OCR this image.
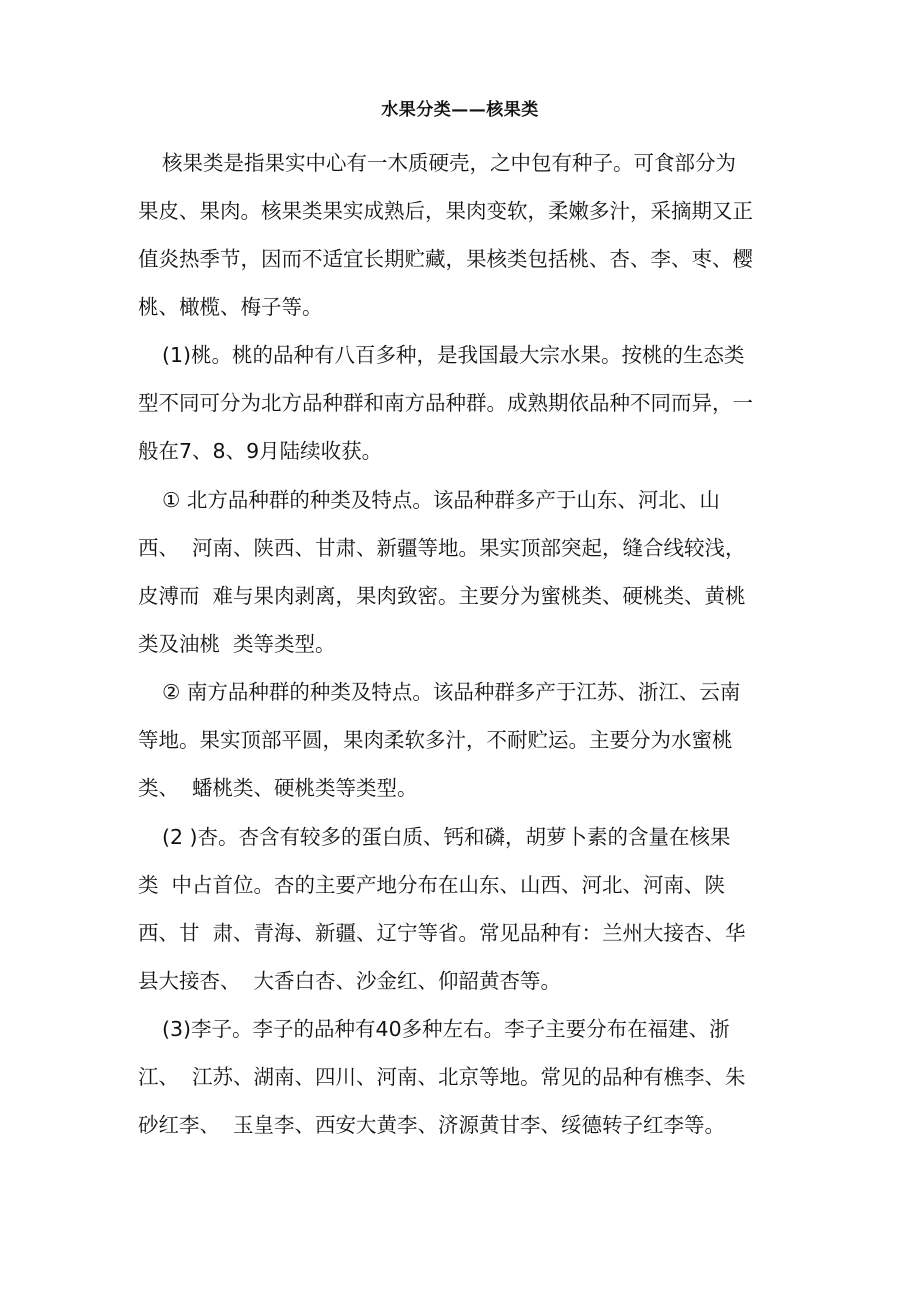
水果分类——核果类
核果类是指果实中心有一木质硬壳，之中包有种子。可食部分为
果皮、果肉。核果类果实成熟后，果肉变软，柔嫩多汁，采摘期又正
值炎热季节，因而不适宜长期贮藏，果核类包括桃、杏、李、枣、樱
桃、橄榄、梅子等。
(1)桃。桃的品种有八百多种，是我国最大宗水果。按桃的生态类
型不同可分为北方品种群和南方品种群。成熟期依品种不同而异，一
般在7、8、9月陆续收获。
① 北方品种群的种类及特点。该品种群多产于山东、河北、山
西、  河南、陕西、甘肃、新疆等地。果实顶部突起，缝合线较浅，
皮溥而  难与果肉剥离，果肉致密。主要分为蜜桃类、硬桃类、黄桃
类及油桃  类等类型。
② 南方品种群的种类及特点。该品种群多产于江苏、浙江、云南
等地。果实顶部平圆，果肉柔软多汁，不耐贮运。主要分为水蜜桃
类、  蟠桃类、硬桃类等类型。
(2 )杏。杏含有较多的蛋白质、钙和磷，胡萝卜素的含量在核果
类  中占首位。杏的主要产地分布在山东、山西、河北、河南、陕
西、甘  肃、青海、新疆、辽宁等省。常见品种有：兰州大接杏、华
县大接杏、  大香白杏、沙金红、仰韶黄杏等。
(3)李子。李子的品种有40多种左右。李子主要分布在福建、浙
江、  江苏、湖南、四川、河南、北京等地。常见的品种有樵李、朱
砂红李、  玉皇李、西安大黄李、济源黄甘李、绥德转子红李等。
